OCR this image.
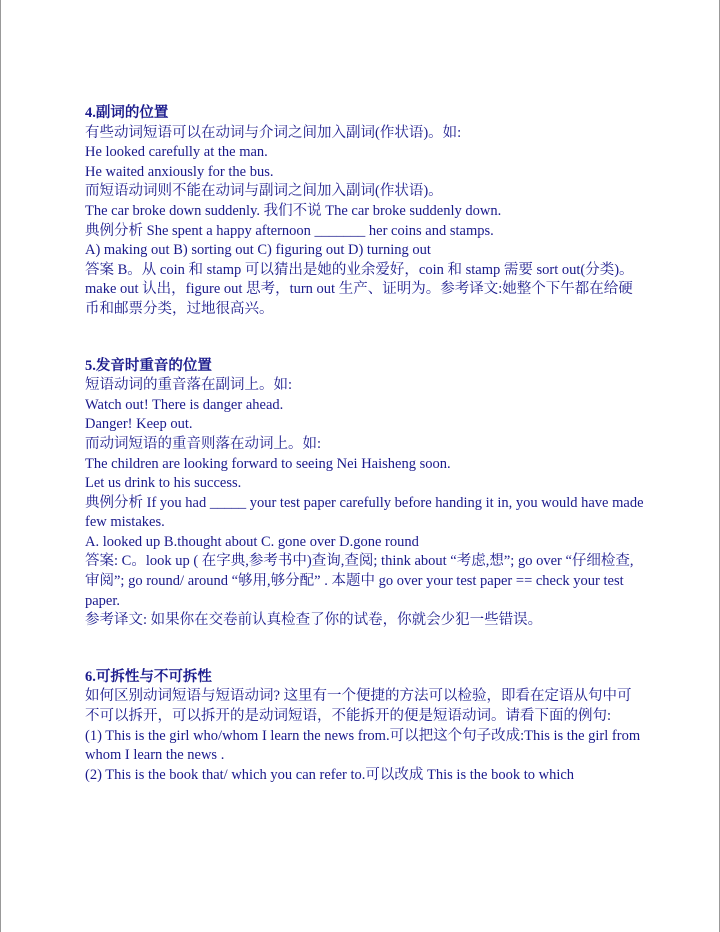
4.副词的位置
有些动词短语可以在动词与介词之间加入副词(作状语)。如:
He looked carefully at the man.
He waited anxiously for the bus.
而短语动词则不能在动词与副词之间加入副词(作状语)。
The car broke down suddenly. 我们不说 The car broke suddenly down.
典例分析 She spent a happy afternoon _______ her coins and stamps.
A) making out B) sorting out C) figuring out D) turning out
答案 B。从 coin 和 stamp 可以猜出是她的业余爱好，coin 和 stamp 需要 sort out(分类)。make out 认出，figure out 思考，turn out 生产、证明为。参考译文:她整个下午都在给硬币和邮票分类，过地很高兴。
5.发音时重音的位置
短语动词的重音落在副词上。如:
Watch out! There is danger ahead.
Danger! Keep out.
而动词短语的重音则落在动词上。如:
The children are looking forward to seeing Nei Haisheng soon.
Let us drink to his success.
典例分析 If you had _____ your test paper carefully before handing it in, you would have made few mistakes.
A. looked up B.thought about C. gone over D.gone round
答案: C。look up ( 在字典,参考书中)查询,查阅; think about “考虑,想”; go over “仔细检查,审阅”; go round/ around “够用,够分配” . 本题中 go over your test paper == check your test paper.
参考译文: 如果你在交卷前认真检查了你的试卷，你就会少犯一些错误。
6.可拆性与不可拆性
如何区别动词短语与短语动词? 这里有一个便捷的方法可以检验，即看在定语从句中可不可以拆开，可以拆开的是动词短语，不能拆开的便是短语动词。请看下面的例句:
(1) This is the girl who/whom I learn the news from.可以把这个句子改成:This is the girl from whom I learn the news .
(2) This is the book that/ which you can refer to.可以改成 This is the book to which
